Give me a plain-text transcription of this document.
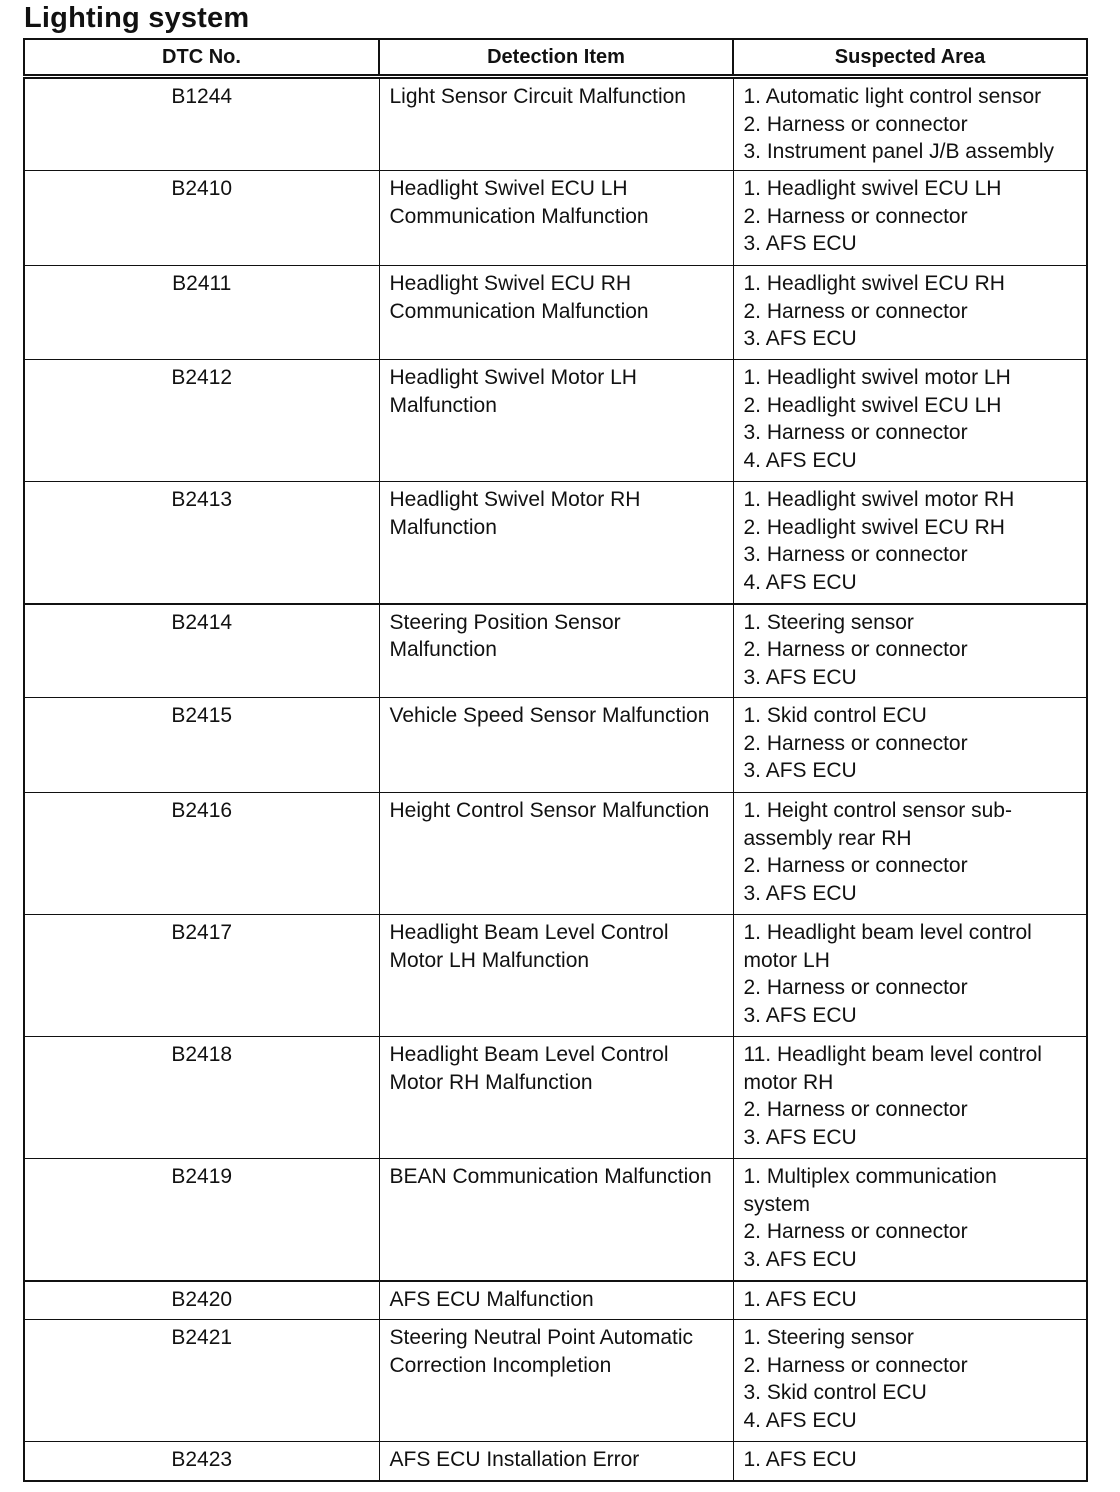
Lighting system
DTC No.	Detection Item	Suspected Area
B1244	Light Sensor Circuit Malfunction	1. Automatic light control sensor
2. Harness or connector
3. Instrument panel J/B assembly

B2410	Headlight Swivel ECU LH Communication Malfunction	1. Headlight swivel ECU LH
2. Harness or connector
3. AFS ECU

B2411	Headlight Swivel ECU RH Communication Malfunction	1. Headlight swivel ECU RH
2. Harness or connector
3. AFS ECU

B2412	Headlight Swivel Motor LH Malfunction	1. Headlight swivel motor LH
2. Headlight swivel ECU LH
3. Harness or connector
4. AFS ECU

B2413	Headlight Swivel Motor RH Malfunction	1. Headlight swivel motor RH
2. Headlight swivel ECU RH
3. Harness or connector
4. AFS ECU

B2414	Steering Position Sensor Malfunction	1. Steering sensor
2. Harness or connector
3. AFS ECU

B2415	Vehicle Speed Sensor Malfunction	1. Skid control ECU
2. Harness or connector
3. AFS ECU

B2416	Height Control Sensor Malfunction	1. Height control sensor sub-
assembly rear RH
2. Harness or connector
3. AFS ECU

B2417	Headlight Beam Level Control Motor LH Malfunction	1. Headlight beam level control
motor LH
2. Harness or connector
3. AFS ECU

B2418	Headlight Beam Level Control Motor RH Malfunction	11. Headlight beam level control
motor RH
2. Harness or connector
3. AFS ECU

B2419	BEAN Communication Malfunction	1. Multiplex communication
system
2. Harness or connector
3. AFS ECU

B2420	AFS ECU Malfunction	1. AFS ECU

B2421	Steering Neutral Point Automatic Correction Incompletion	1. Steering sensor
2. Harness or connector
3. Skid control ECU
4. AFS ECU

B2423	AFS ECU Installation Error	1. AFS ECU
